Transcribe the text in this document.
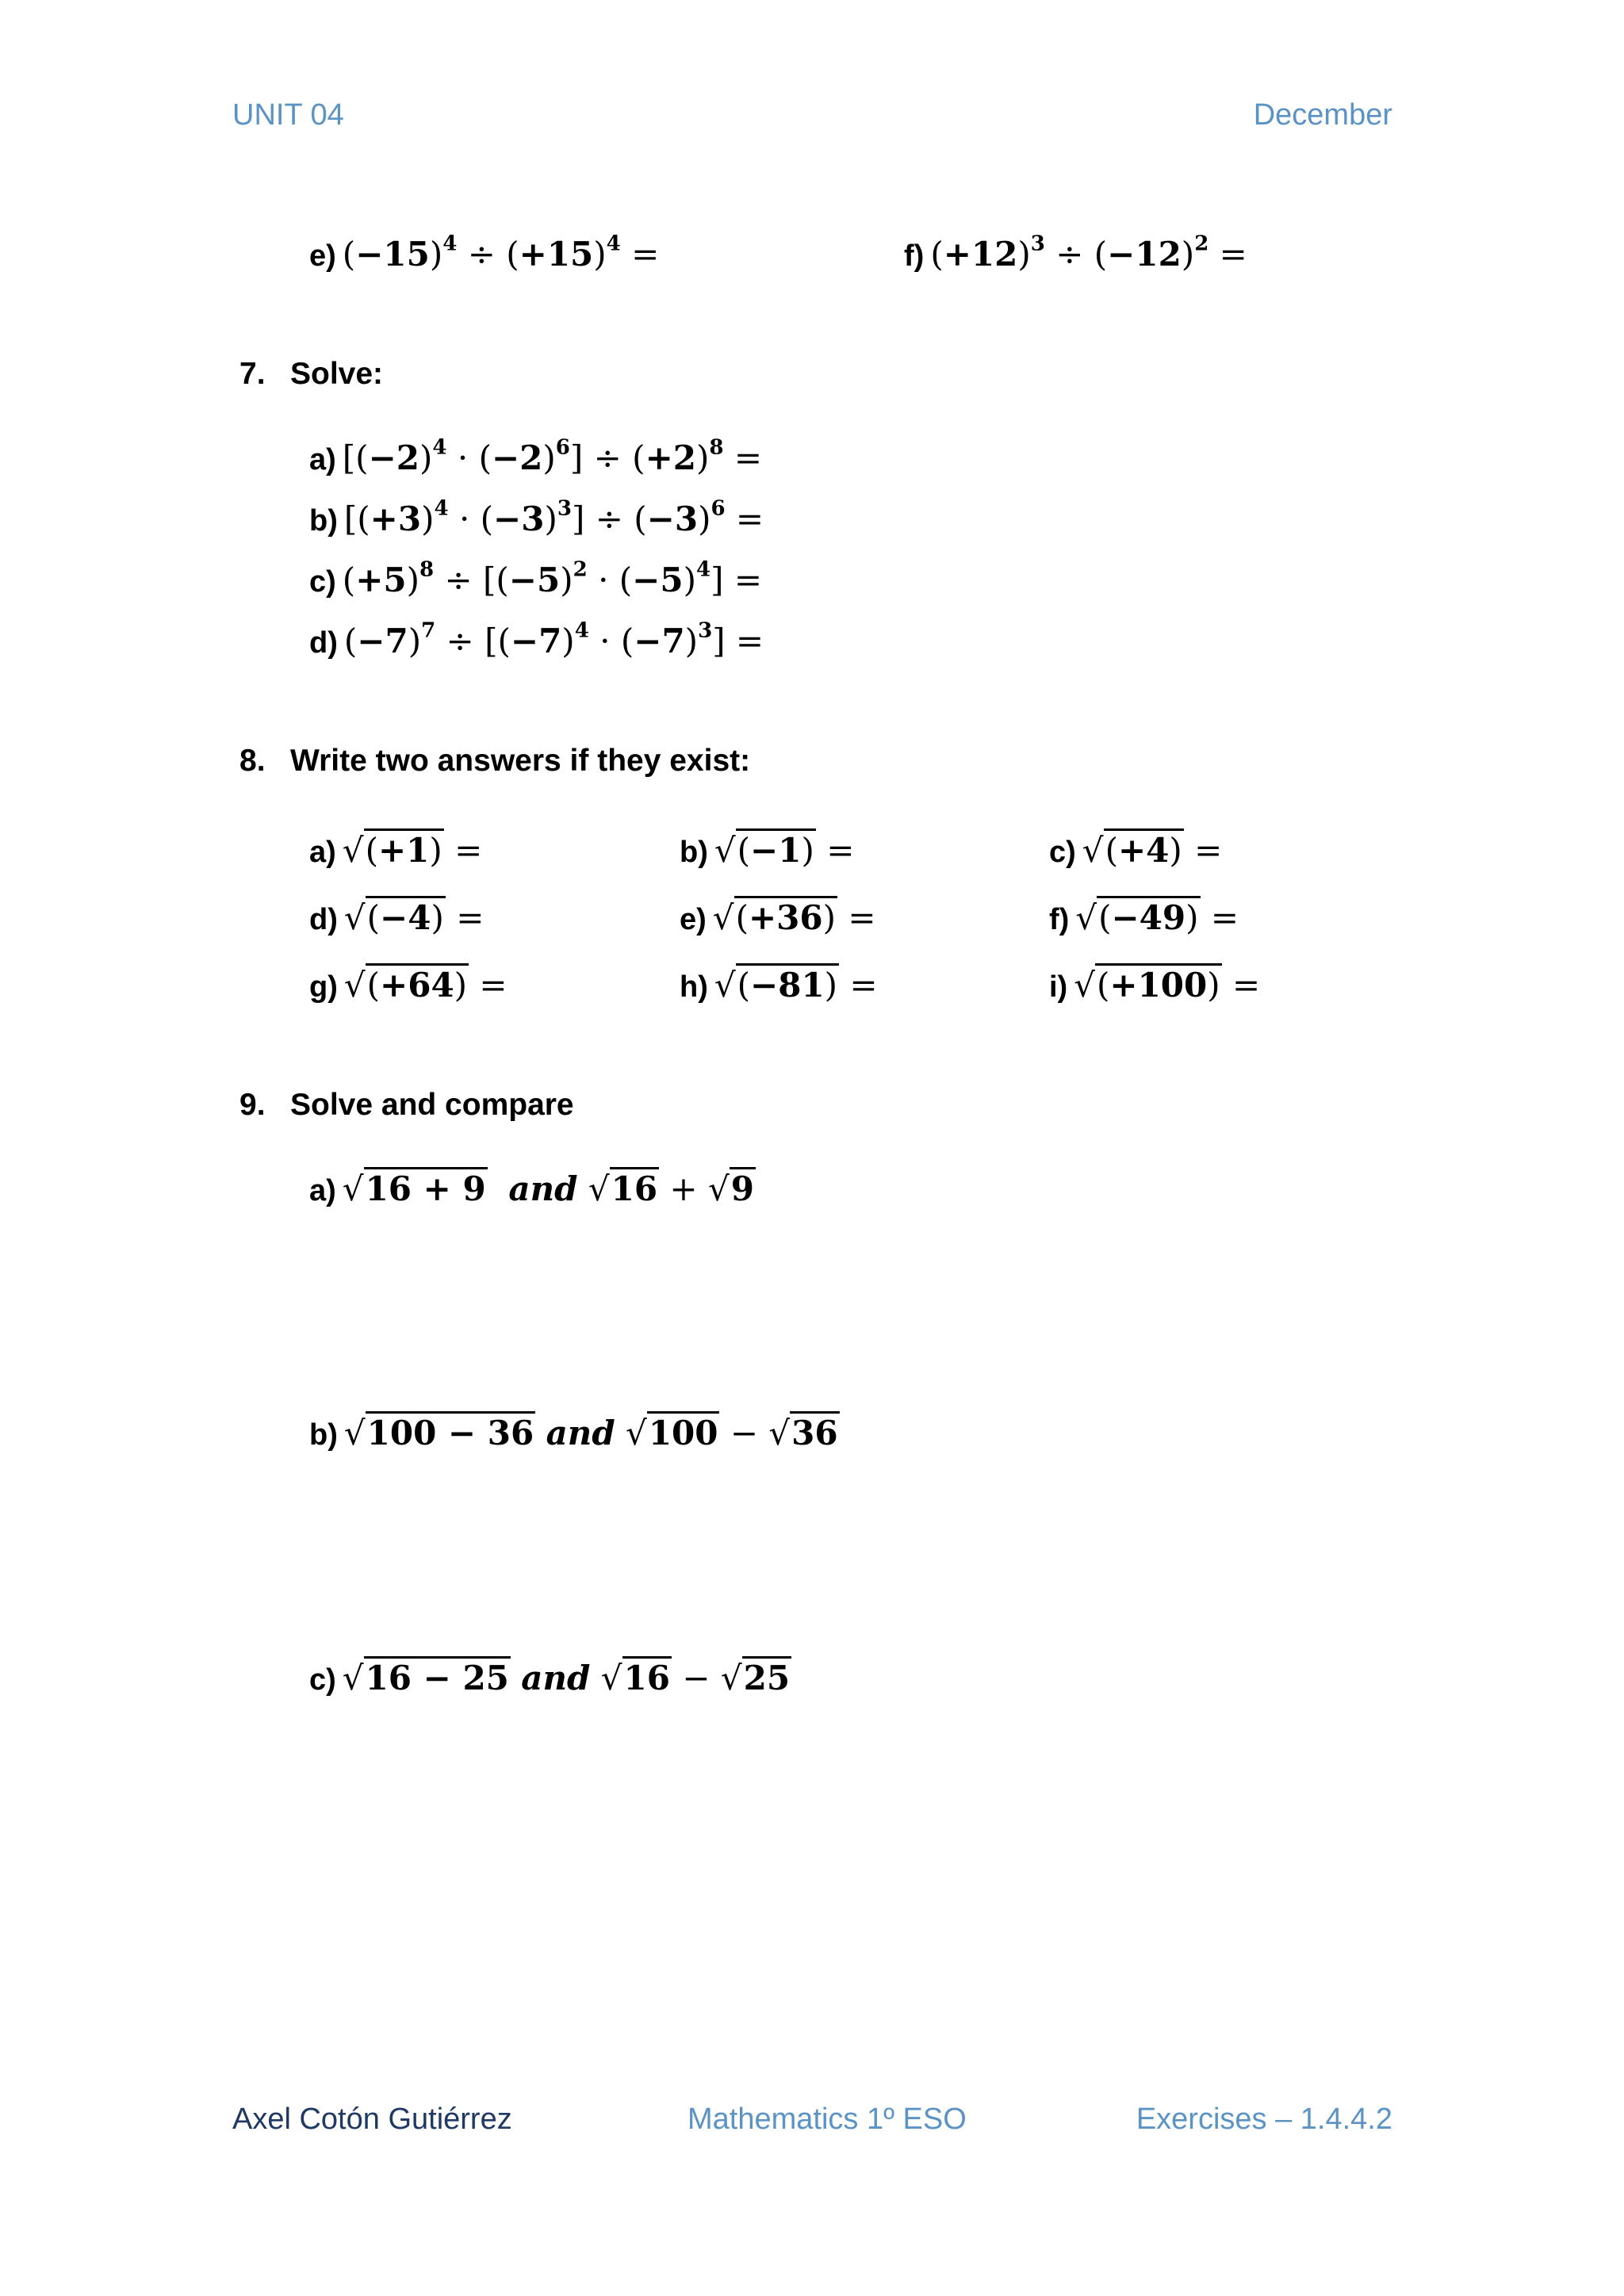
UNIT 04	December
e) $(-15)^4 \div (+15)^4$ =	f) $(+12)^3 \div (-12)^2$ =
7. Solve:
a) $[(-2)^4 \cdot (-2)^6] \div (+2)^8$ =
b) $[(+3)^4 \cdot (-3)^3] \div (-3)^6$ =
c) $(+5)^8 \div [(-5)^2 \cdot (-5)^4]$ =
d) $(-7)^7 \div [(-7)^4 \cdot (-7)^3]$ =
8. Write two answers if they exist:
a) √(+1) =	b) √(−1) =	c) √(+4) =
d) √(−4) =	e) √(+36) =	f) √(−49) =
g) √(+64) =	h) √(−81) =	i) √(+100) =
9. Solve and compare
a) √16 + 9 and √16 + √9
b) √100 − 36 and √100 − √36
c) √16 − 25 and √16 − √25
Axel Cotón Gutiérrez	Mathematics 1º ESO	Exercises – 1.4.4.2
